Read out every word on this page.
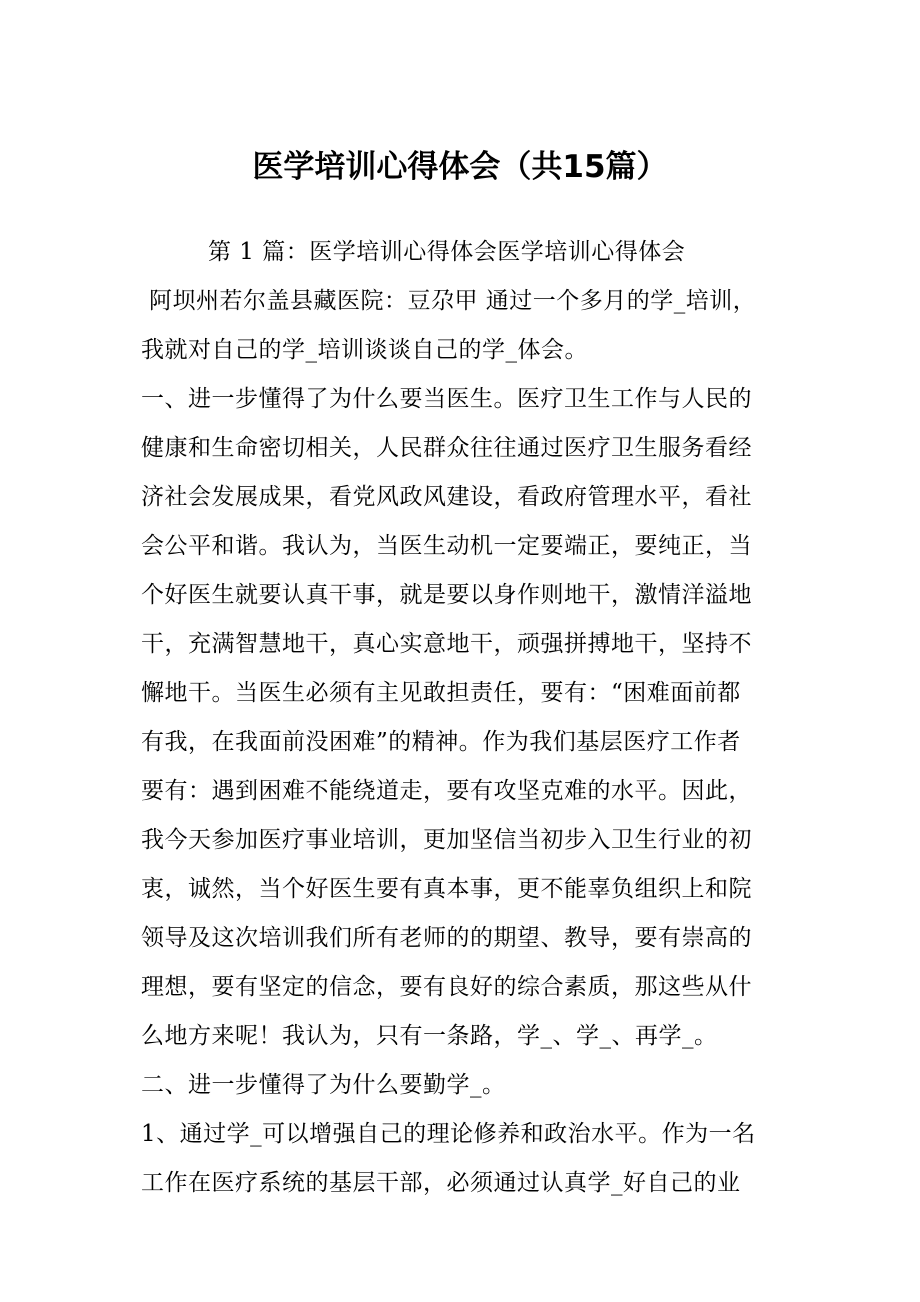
医学培训心得体会（共15篇）
第 1 篇：医学培训心得体会医学培训心得体会
阿坝州若尔盖县藏医院：豆尕甲 通过一个多月的学_培训，
我就对自己的学_培训谈谈自己的学_体会。
一、进一步懂得了为什么要当医生。医疗卫生工作与人民的
健康和生命密切相关，人民群众往往通过医疗卫生服务看经
济社会发展成果，看党风政风建设，看政府管理水平，看社
会公平和谐。我认为，当医生动机一定要端正，要纯正，当
个好医生就要认真干事，就是要以身作则地干，激情洋溢地
干，充满智慧地干，真心实意地干，顽强拼搏地干，坚持不
懈地干。当医生必须有主见敢担责任，要有：“困难面前都
有我，在我面前没困难”的精神。作为我们基层医疗工作者
要有：遇到困难不能绕道走，要有攻坚克难的水平。因此，
我今天参加医疗事业培训，更加坚信当初步入卫生行业的初
衷，诚然，当个好医生要有真本事，更不能辜负组织上和院
领导及这次培训我们所有老师的的期望、教导，要有崇高的
理想，要有坚定的信念，要有良好的综合素质，那这些从什
么地方来呢！我认为，只有一条路，学_、学_、再学_。
二、进一步懂得了为什么要勤学_。
1、通过学_可以增强自己的理论修养和政治水平。作为一名
工作在医疗系统的基层干部，必须通过认真学_好自己的业
